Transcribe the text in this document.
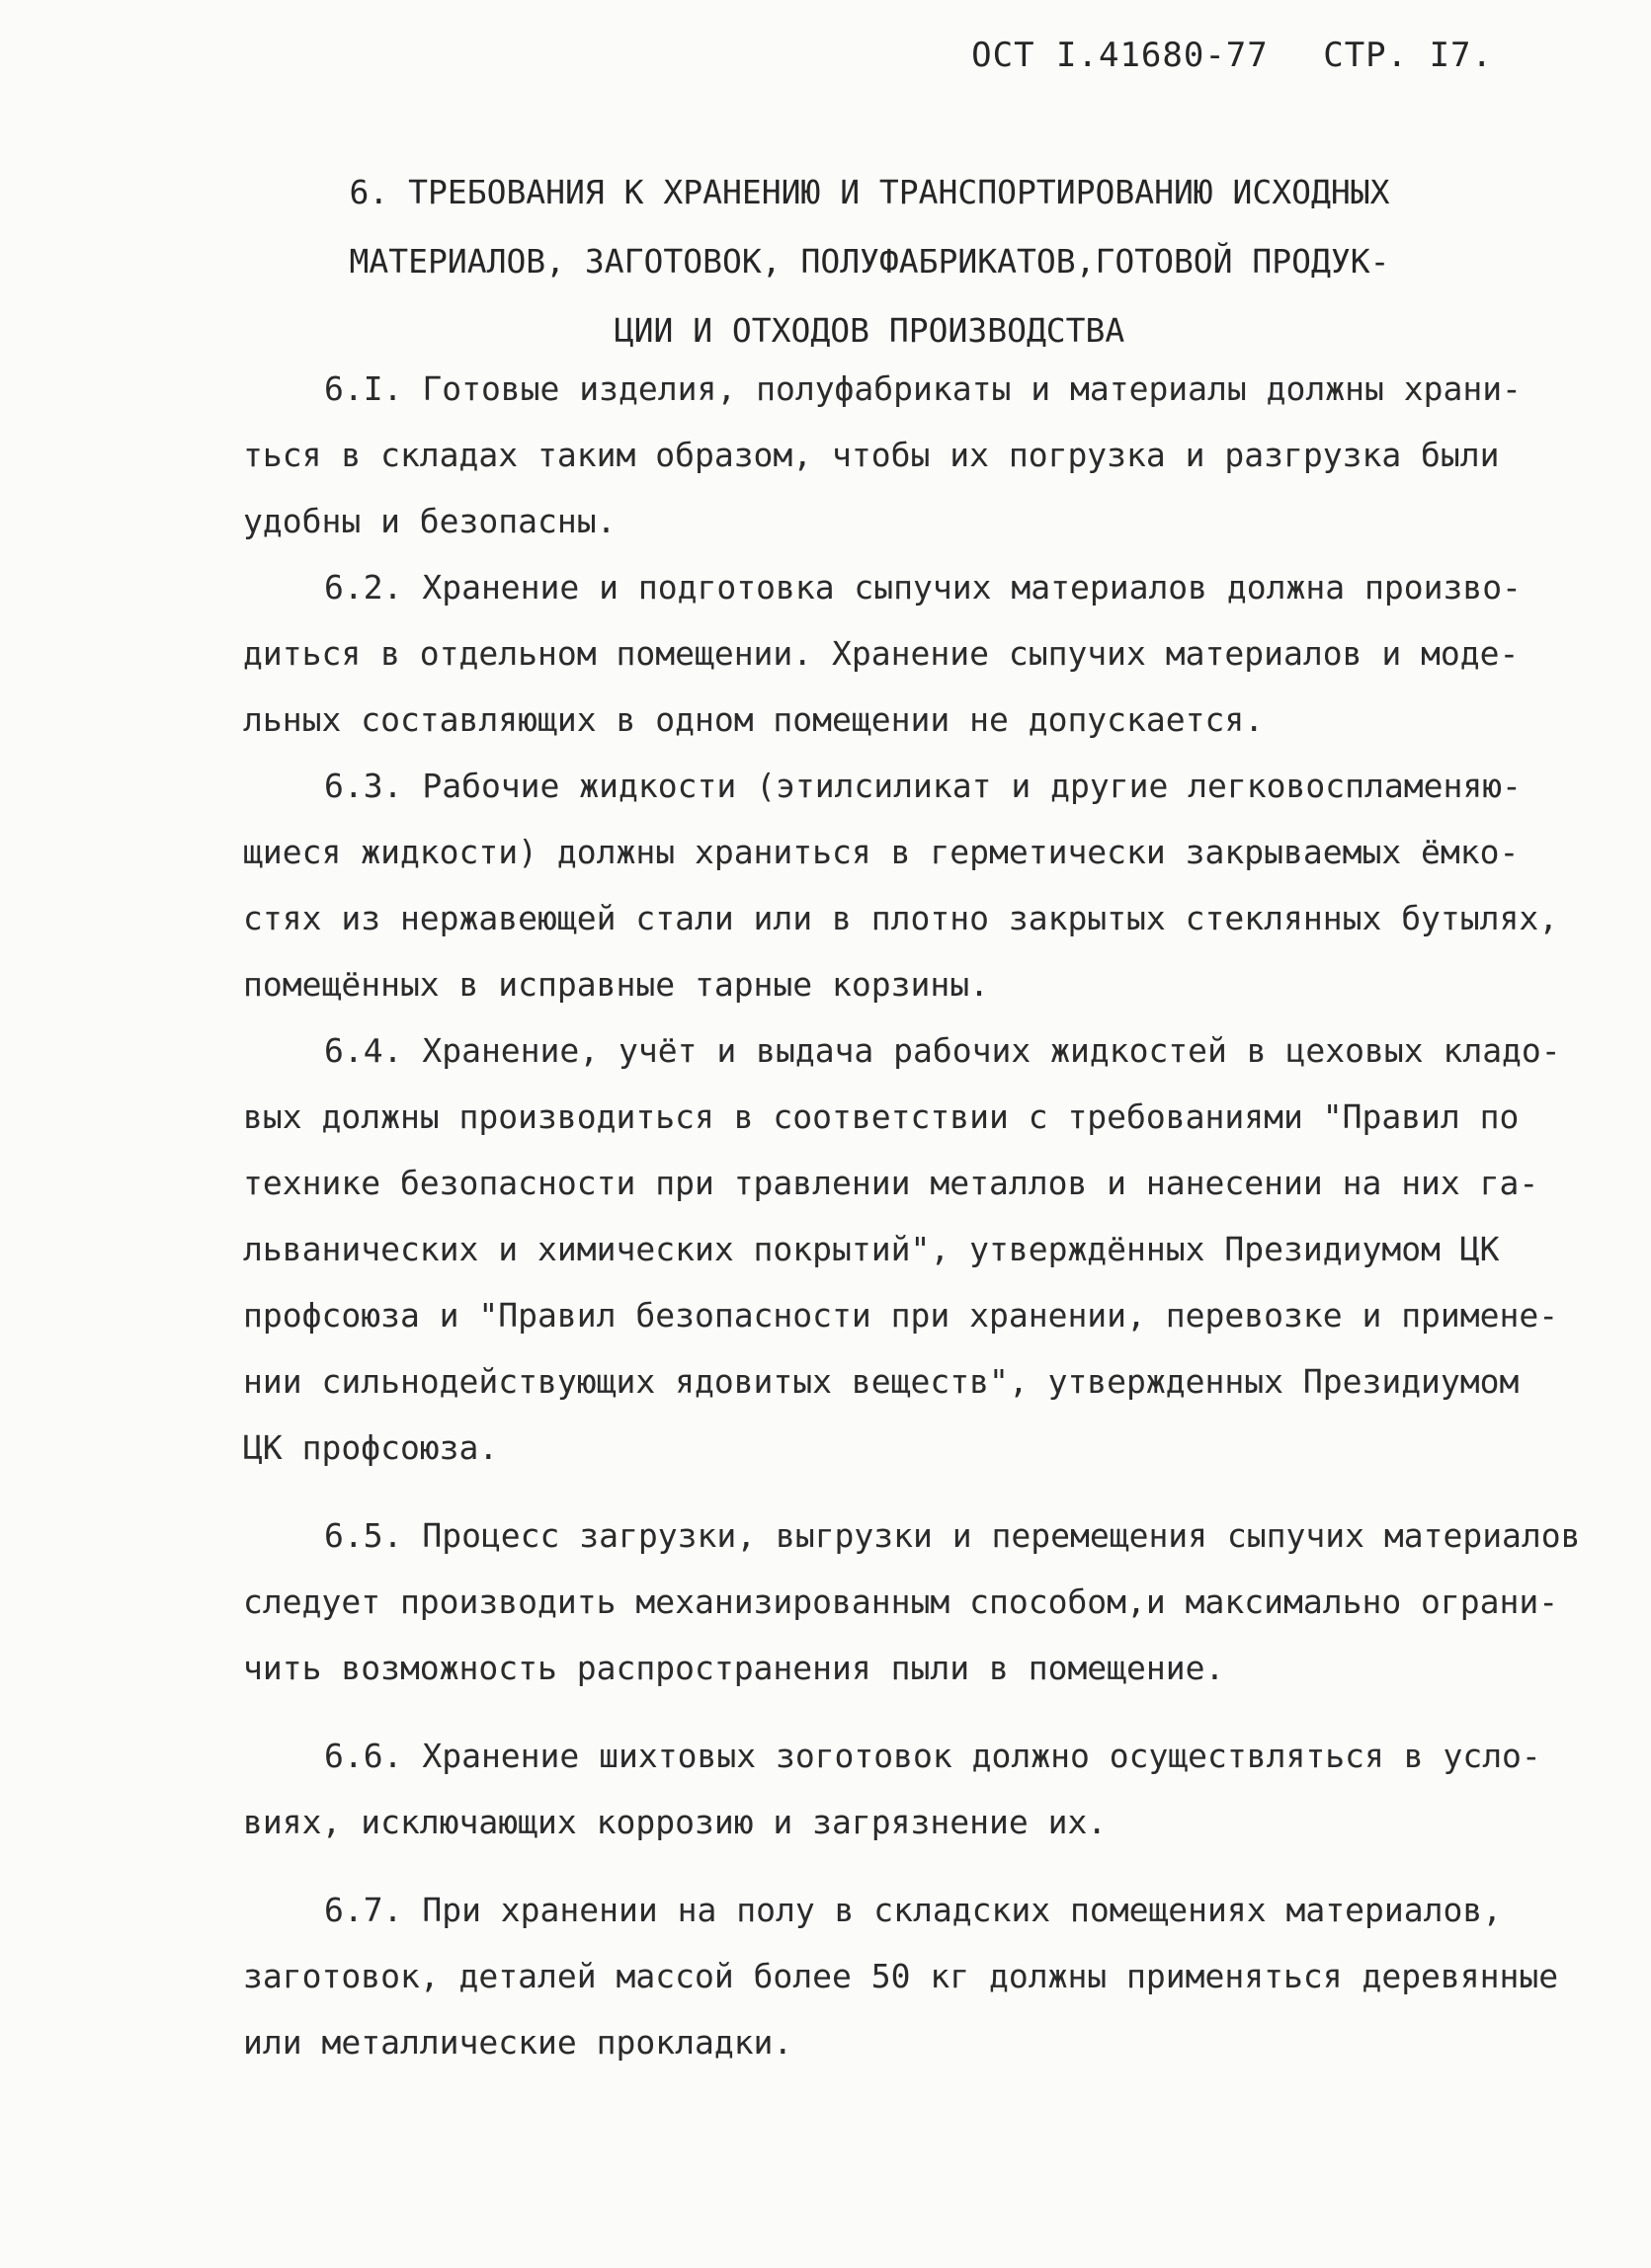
ОСТ I.41680-77 СТР. I7.
6. ТРЕБОВАНИЯ К ХРАНЕНИЮ И ТРАНСПОРТИРОВАНИЮ ИСХОДНЫХ
МАТЕРИАЛОВ, ЗАГОТОВОК, ПОЛУФАБРИКАТОВ,ГОТОВОЙ ПРОДУК-
ЦИИ И ОТХОДОВ ПРОИЗВОДСТВА
6.I. Готовые изделия, полуфабрикаты и материалы должны храни-
ться в складах таким образом, чтобы их погрузка и разгрузка были
удобны и безопасны.
6.2. Хранение и подготовка сыпучих материалов должна произво-
диться в отдельном помещении. Хранение сыпучих материалов и моде-
льных составляющих в одном помещении не допускается.
6.3. Рабочие жидкости (этилсиликат и другие легковоспламеняю-
щиеся жидкости) должны храниться в герметически закрываемых ёмко-
стях из нержавеющей стали или в плотно закрытых стеклянных бутылях,
помещённых в исправные тарные корзины.
6.4. Хранение, учёт и выдача рабочих жидкостей в цеховых кладо-
вых должны производиться в соответствии с требованиями "Правил по
технике безопасности при травлении металлов и нанесении на них га-
льванических и химических покрытий", утверждённых Президиумом ЦК
профсоюза и "Правил безопасности при хранении, перевозке и примене-
нии сильнодействующих ядовитых веществ", утвержденных Президиумом
ЦК профсоюза.
6.5. Процесс загрузки, выгрузки и перемещения сыпучих материалов
следует производить механизированным способом,и максимально ограни-
чить возможность распространения пыли в помещение.
6.6. Хранение шихтовых зоготовок должно осуществляться в усло-
виях, исключающих коррозию и загрязнение их.
6.7. При хранении на полу в складских помещениях материалов,
заготовок, деталей массой более 50 кг должны применяться деревянные
или металлические прокладки.
